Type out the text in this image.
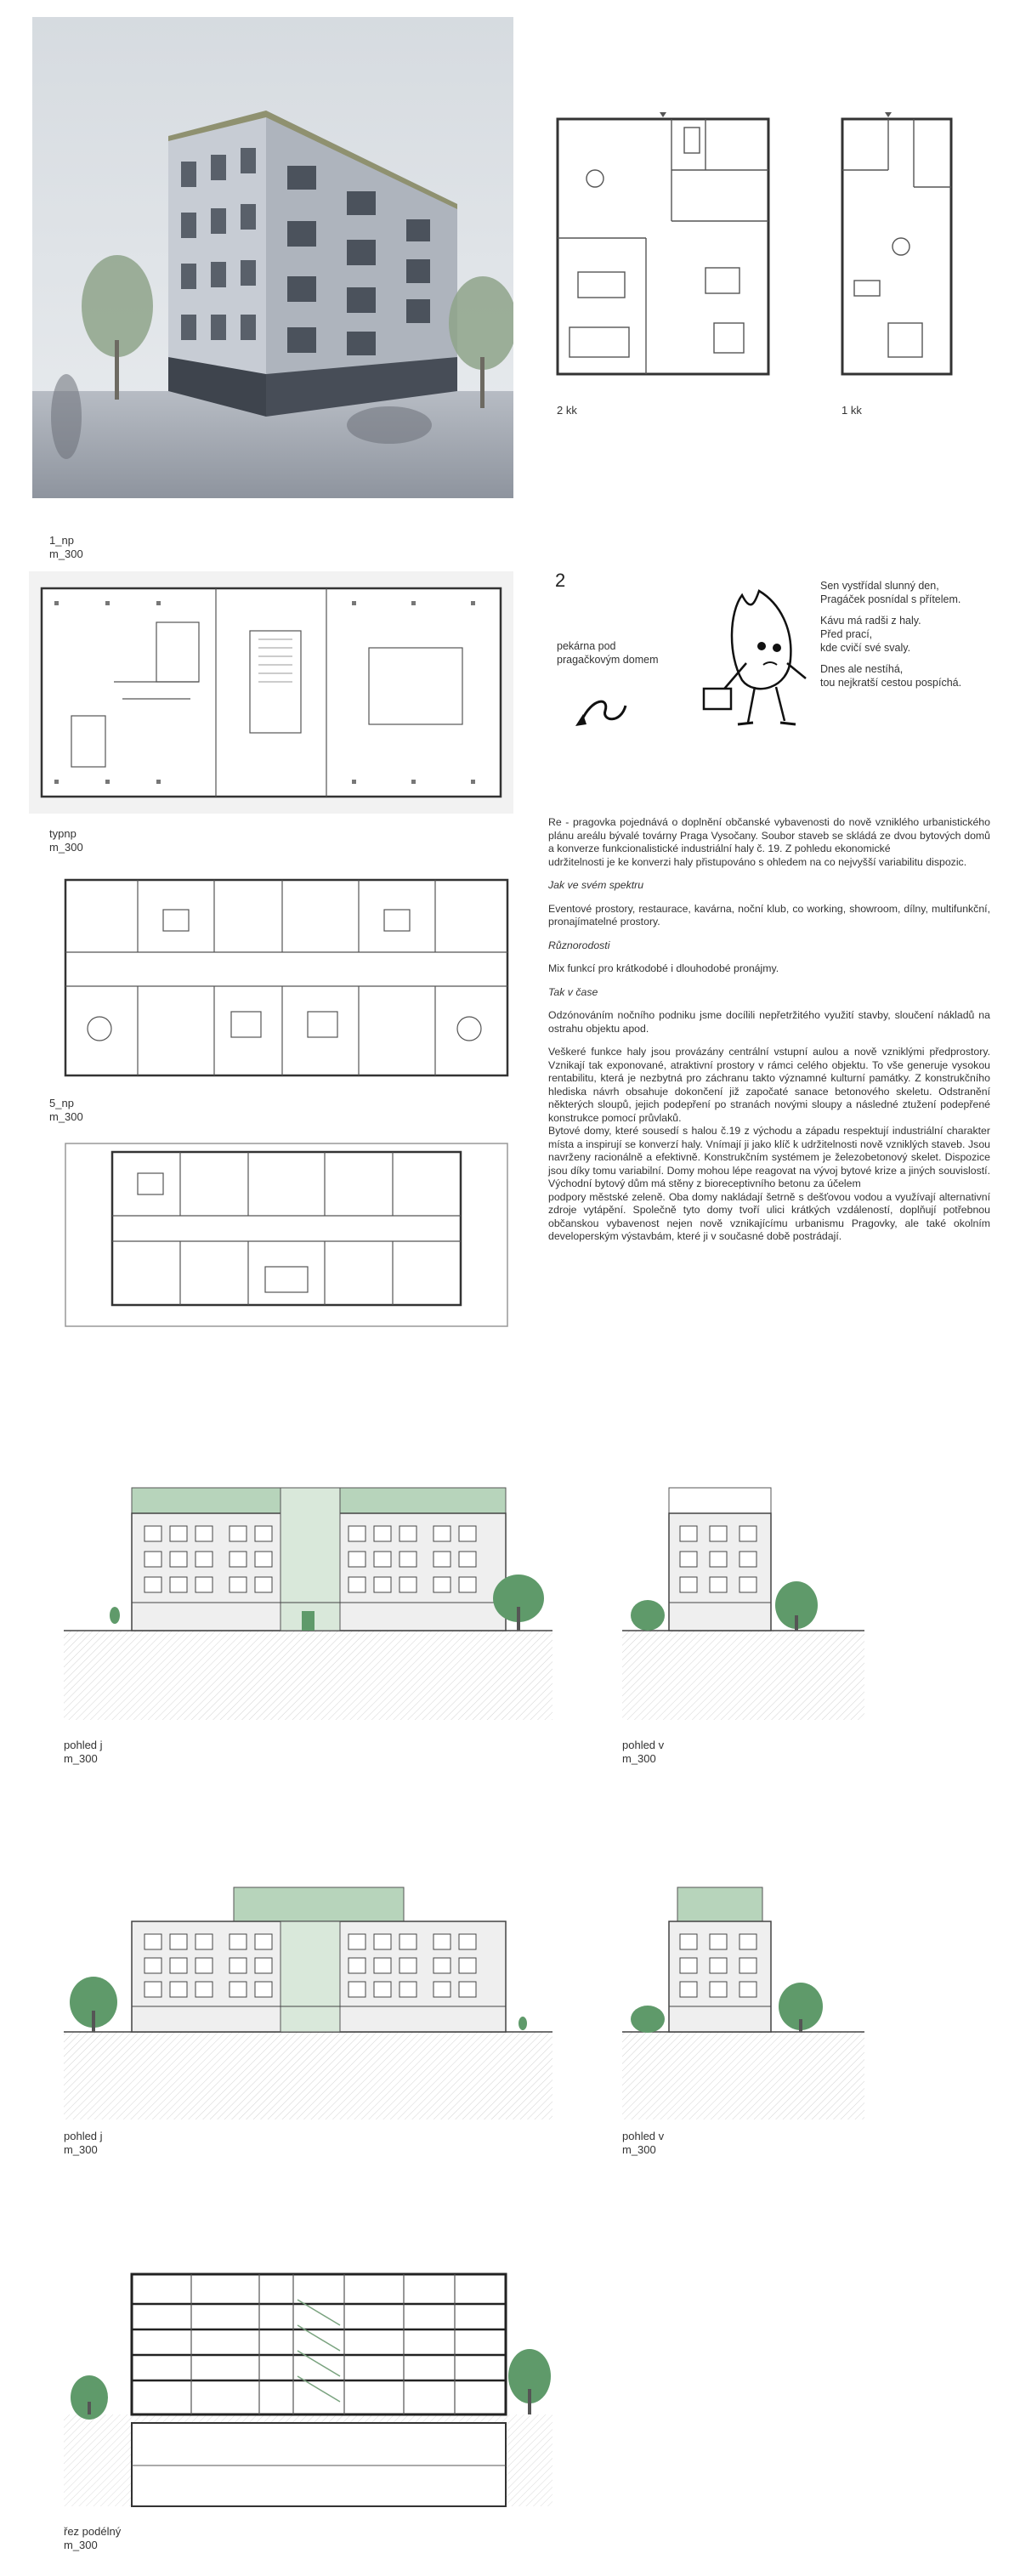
2 kk	1 kk
1_np
m_300
typnp
m_300
5_np
m_300
2
pekárna pod
pragačkovým domem
Sen vystřídal slunný den,
Pragáček posnídal s přítelem.
Kávu má radši z haly.
Před prací,
kde cvičí své svaly.
Dnes ale nestíhá,
tou nejkratší cestou pospíchá.

Re - pragovka pojednává o doplnění občanské vybavenosti do nově vzniklého urbanistického plánu areálu bývalé továrny Praga Vysočany. Soubor staveb se skládá ze dvou bytových domů a konverze funkcionalistické industriální haly č. 19. Z pohledu ekonomické

udržitelnosti je ke konverzi haly přistupováno s ohledem na co nejvyšší variabilitu dispozic.

Jak ve svém spektru

Eventové prostory, restaurace, kavárna, noční klub, co working, showroom, dílny, multifunkční, pronajímatelné prostory.

Různorodosti

Mix funkcí pro krátkodobé i dlouhodobé pronájmy.

Tak v čase

Odzónováním nočního podniku jsme docílili nepřetržitého využití stavby, sloučení nákladů na ostrahu objektu apod.

Veškeré funkce haly jsou provázány centrální vstupní aulou a nově vzniklými předprostory. Vznikají tak exponované, atraktivní prostory v rámci celého objektu. To vše generuje vysokou rentabilitu, která je nezbytná pro záchranu takto významné kulturní památky. Z konstrukčního hlediska návrh obsahuje dokončení již započaté sanace betonového skeletu. Odstranění některých sloupů, jejich podepření po stranách novými sloupy a následné ztužení podepřené konstrukce pomocí průvlaků.

Bytové domy, které sousedí s halou č.19 z východu a západu respektují industriální charakter místa a inspirují se konverzí haly. Vnímají ji jako klíč k udržitelnosti nově vzniklých staveb. Jsou navrženy racionálně a efektivně. Konstrukčním systémem je železobetonový skelet. Dispozice jsou díky tomu variabilní. Domy mohou lépe reagovat na vývoj bytové krize a jiných souvislostí. Východní bytový dům má stěny z bioreceptivního betonu za účelem

podpory městské zeleně. Oba domy nakládají šetrně s dešťovou vodou a využívají alternativní zdroje vytápění. Společně tyto domy tvoří ulici krátkých vzdáleností, doplňují potřebnou občanskou vybavenost nejen nově vznikajícímu urbanismu Pragovky, ale také okolním developerským výstavbám, které ji v současné době postrádají.

pohled j
m_300
pohled v
m_300
pohled j
m_300
pohled v
m_300
řez podélný
m_300
